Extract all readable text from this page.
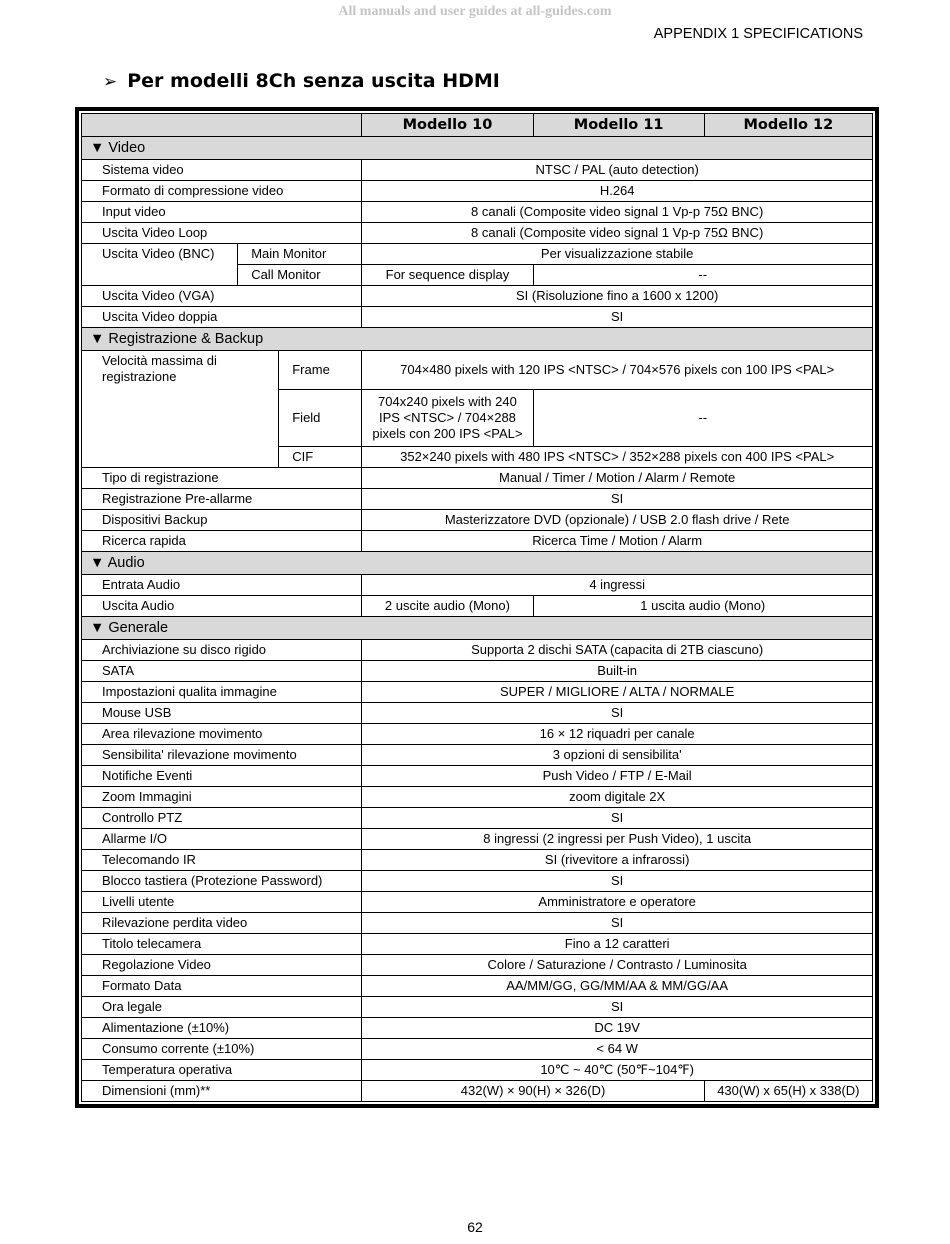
All manuals and user guides at all-guides.com
APPENDIX 1 SPECIFICATIONS
➢ Per modelli 8Ch senza uscita HDMI
			Modello 10	Modello 11	Modello 12
▼ Video					
Sistema video			NTSC / PAL (auto detection)		
Formato di compressione video			H.264		
Input video			8 canali (Composite video signal 1 Vp-p 75Ω BNC)		
Uscita Video Loop			8 canali (Composite video signal 1 Vp-p 75Ω BNC)		
Uscita Video (BNC)	Main Monitor		Per visualizzazione stabile		
	Call Monitor		For sequence display	--	
Uscita Video (VGA)			SI (Risoluzione fino a 1600 x 1200)		
Uscita Video doppia			SI		
▼ Registrazione & Backup					
Velocità massima di registrazione		Frame	704×480 pixels with 120 IPS <NTSC> / 704×576 pixels con 100 IPS <PAL>		
		Field	704x240 pixels with 240 IPS <NTSC> / 704×288 pixels con 200 IPS <PAL>	--	
		CIF	352×240 pixels with 480 IPS <NTSC> / 352×288 pixels con 400 IPS <PAL>		
Tipo di registrazione			Manual / Timer / Motion / Alarm / Remote		
Registrazione Pre-allarme			SI		
Dispositivi Backup			Masterizzatore DVD (opzionale) / USB 2.0 flash drive / Rete		
Ricerca rapida			Ricerca Time / Motion / Alarm		
▼ Audio					
Entrata Audio			4 ingressi		
Uscita Audio			2 uscite audio (Mono)	1 uscita audio (Mono)	
▼ Generale					
Archiviazione su disco rigido			Supporta 2 dischi SATA (capacita di 2TB ciascuno)		
SATA			Built-in		
Impostazioni qualita immagine			SUPER / MIGLIORE / ALTA / NORMALE		
Mouse USB			SI		
Area rilevazione movimento			16 × 12 riquadri per canale		
Sensibilita' rilevazione movimento			3 opzioni di sensibilita'		
Notifiche Eventi			Push Video / FTP / E-Mail		
Zoom Immagini			zoom digitale 2X		
Controllo PTZ			SI		
Allarme I/O			8 ingressi (2 ingressi per Push Video), 1 uscita		
Telecomando IR			SI (rivevitore a infrarossi)		
Blocco tastiera (Protezione Password)			SI		
Livelli utente			Amministratore e operatore		
Rilevazione perdita video			SI		
Titolo telecamera			Fino a 12 caratteri		
Regolazione Video			Colore / Saturazione / Contrasto / Luminosita		
Formato Data			AA/MM/GG, GG/MM/AA & MM/GG/AA		
Ora legale			SI		
Alimentazione (±10%)			DC 19V		
Consumo corrente (±10%)			< 64 W		
Temperatura operativa			10℃ ~ 40℃ (50℉~104℉)		
Dimensioni (mm)**			432(W) × 90(H) × 326(D)		430(W) x 65(H) x 338(D)
62
